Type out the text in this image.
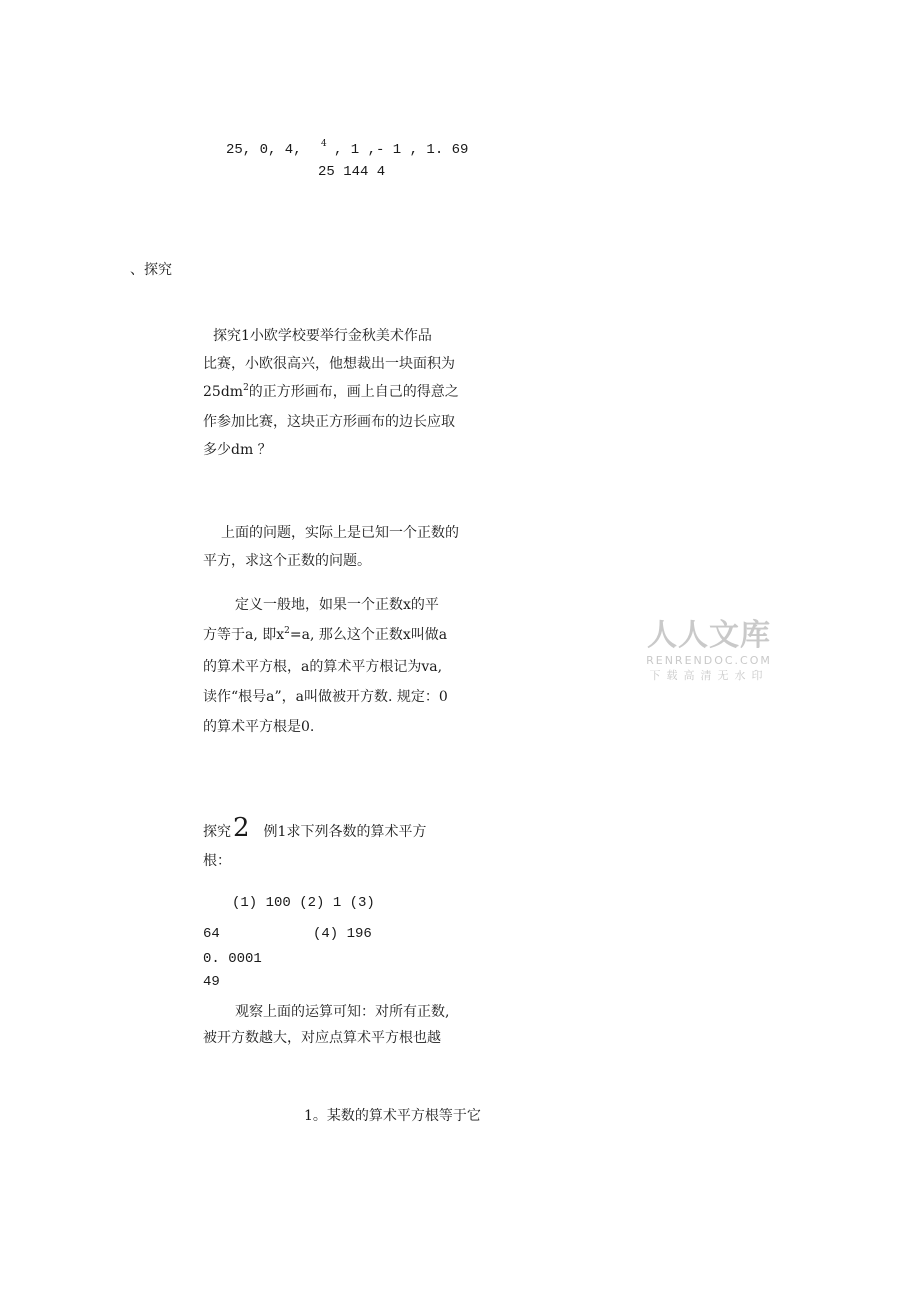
25, 0, 4, 4 , 1 ,- 1 , 1. 69
25 144 4
、探究
探究1小欧学校要举行金秋美术作品
比赛，小欧很高兴，他想裁出一块面积为
$25dm^2$的正方形画布，画上自己的得意之
作参加比赛，这块正方形画布的边长应取
多少dm ？
上面的问题，实际上是已知一个正数的
平方，求这个正数的问题。
定义一般地，如果一个正数x的平
方等于a, 即$x^2=a$, 那么这个正数x叫做a
的算术平方根，a的算术平方根记为va,
读作“根号a”，a叫做被开方数. 规定：0
的算术平方根是0.
探究2 例1求下列各数的算术平方
根：
(1) 100 (2) 1 (3)
64	(4) 196
0. 0001
49
观察上面的运算可知：对所有正数,
被开方数越大，对应点算术平方根也越
1。某数的算术平方根等于它
人人文库
RENRENDOC.COM
下载高清无水印
